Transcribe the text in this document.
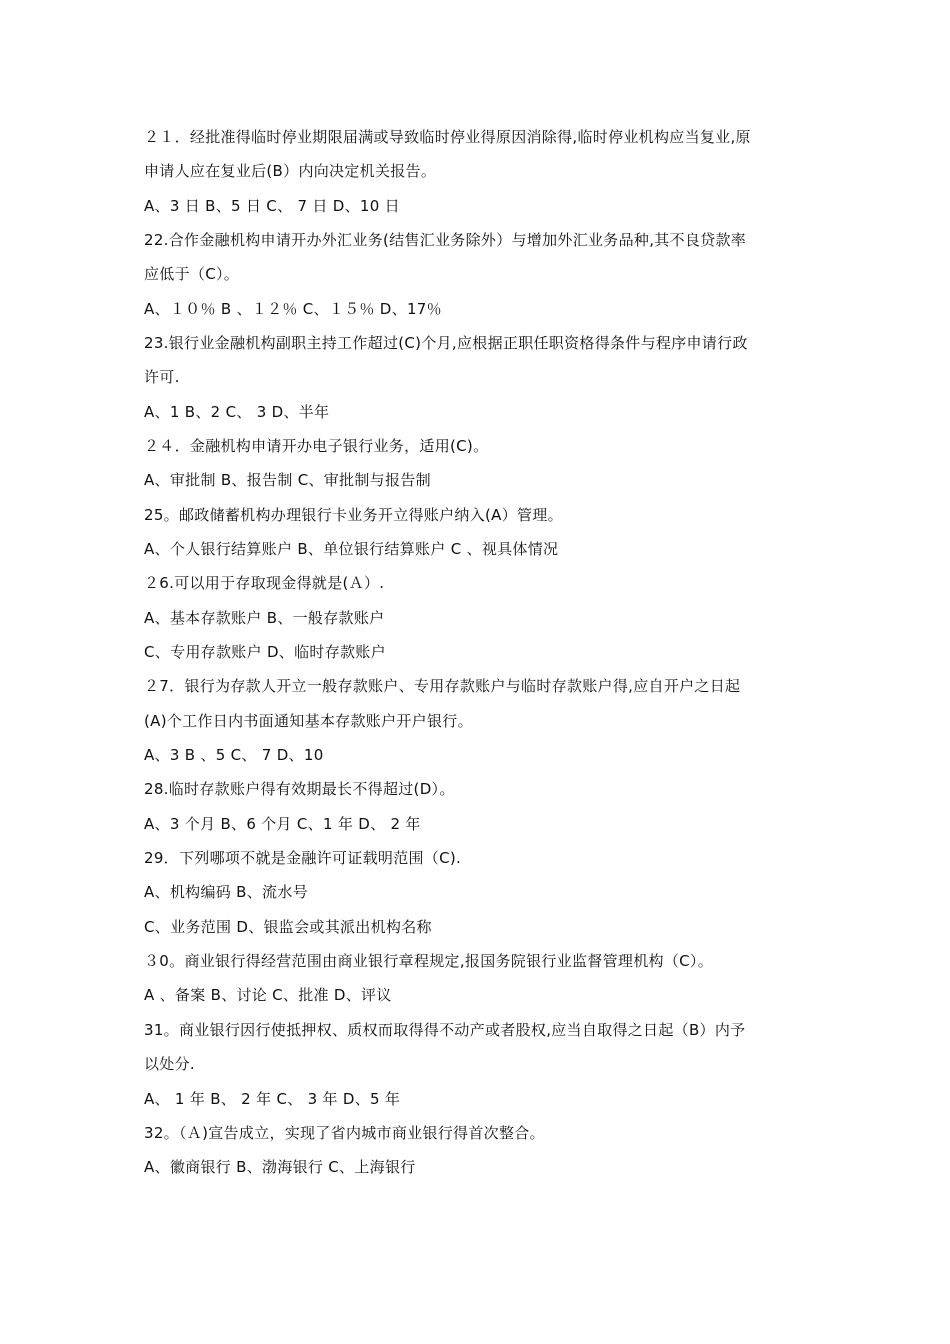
２１．经批准得临时停业期限届满或导致临时停业得原因消除得,临时停业机构应当复业,原
申请人应在复业后(B）内向决定机关报告。
A、3 日 B、5 日 C、 7 日 D、10 日
22.合作金融机构申请开办外汇业务(结售汇业务除外）与增加外汇业务品种,其不良贷款率
应低于（C）。
A、１０％ B 、１２％ C、１５％ D、17％
23.银行业金融机构副职主持工作超过(C)个月,应根据正职任职资格得条件与程序申请行政
许可.
A、1 B、2 C、 3 D、半年
２４．金融机构申请开办电子银行业务，适用(C)。
A、审批制 B、报告制 C、审批制与报告制
25。邮政储蓄机构办理银行卡业务开立得账户纳入(A）管理。
A、个人银行结算账户 B、单位银行结算账户 C 、视具体情况
２6.可以用于存取现金得就是(Ａ）.
A、基本存款账户 B、一般存款账户
C、专用存款账户 D、临时存款账户
２7．银行为存款人开立一般存款账户、专用存款账户与临时存款账户得,应自开户之日起
(A)个工作日内书面通知基本存款账户开户银行。
A、3 B 、5 C、 7 D、10
28.临时存款账户得有效期最长不得超过(D）。
A、3 个月 B、6 个月 C、1 年 D、 2 年
29．下列哪项不就是金融许可证载明范围（C).
A、机构编码 B、流水号
C、业务范围 D、银监会或其派出机构名称
３0。商业银行得经营范围由商业银行章程规定,报国务院银行业监督管理机构（C）。
A 、备案 B、讨论 C、批准 D、评议
31。商业银行因行使抵押权、质权而取得得不动产或者股权,应当自取得之日起（B）内予
以处分.
A、 1 年 B、 2 年 C、 3 年 D、5 年
32。（Ａ)宣告成立，实现了省内城市商业银行得首次整合。
A、徽商银行 B、渤海银行 C、上海银行
